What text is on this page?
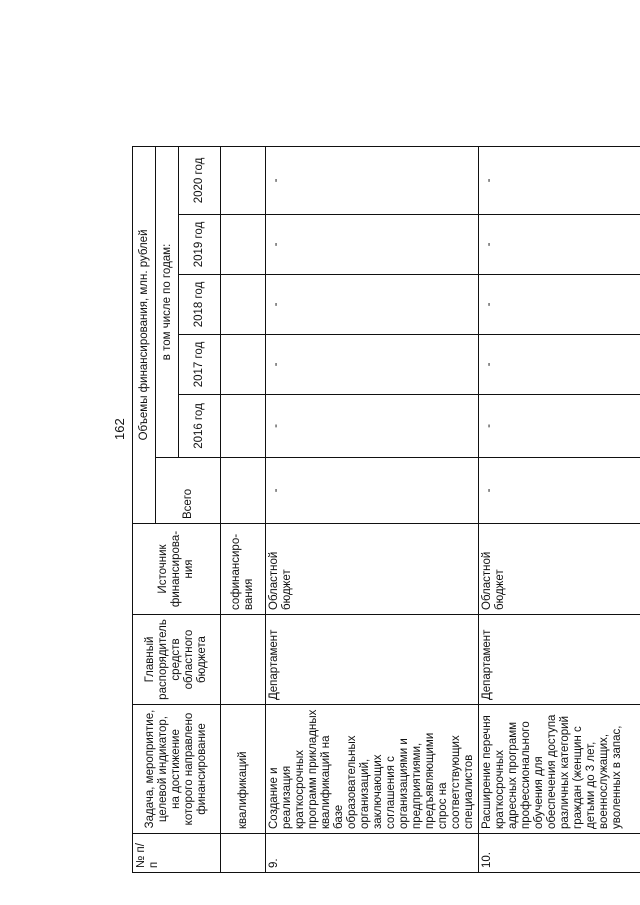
162
№ п/п	Задача, мероприятие, целевой индикатор, на достижение которого направлено финансирование	Главный распорядитель средств областного бюджета	Источник финансирова-ния	Объемы финансирования, млн. рублей						
				Всего	в том числе по годам:					
					2016 год	2017 год	2018 год	2019 год	2020 год	
	квалификаций		софинансиро-вания							
9.	Создание и реализация краткосрочных программ прикладных квалификаций на базе образовательных организаций, заключающих соглашения с организациями и предприятиями, предъявляющими спрос на соответствующих специалистов	Департамент	Областной бюджет	-	-	-	-	-	-	
10.	Расширение перечня краткосрочных адресных программ профессионального обучения для обеспечения доступа различных категорий граждан (женщин с детьми до 3 лет, военнослужащих, уволенных в запас,	Департамент	Областной бюджет	-	-	-	-	-	-	
